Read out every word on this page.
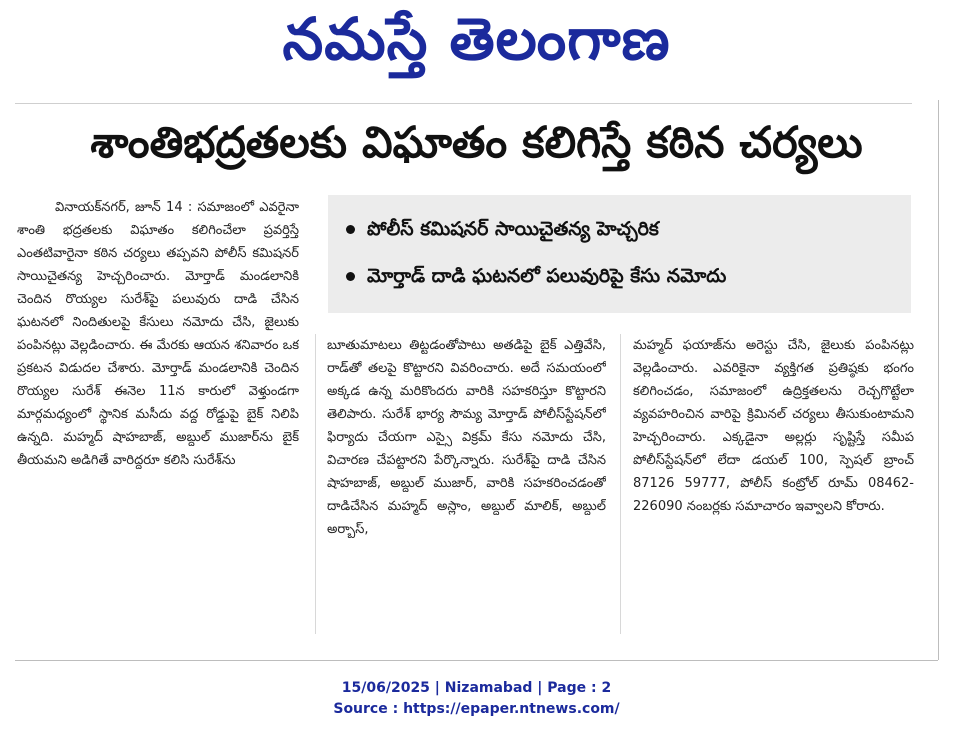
నమస్తే తెలంగాణ
శాంతిభద్రతలకు విఘాతం కలిగిస్తే కఠిన చర్యలు
పోలీస్ కమిషనర్ సాయిచైతన్య హెచ్చరిక
మోర్తాడ్ దాడి ఘటనలో పలువురిపై కేసు నమోదు

వినాయక్‌నగర్, జూన్ 14 : సమాజంలో ఎవరైనా శాంతి భద్రతలకు విఘాతం కలిగించేలా ప్రవర్తిస్తే ఎంతటివారైనా కఠిన చర్యలు తప్పవని పోలీస్ కమిషనర్ సాయిచైతన్య హెచ్చరించారు. మోర్తాడ్ మండలానికి చెందిన రొయ్యల సురేశ్‌పై పలువురు దాడి చేసిన ఘటనలో నిందితులపై కేసులు నమోదు చేసి, జైలుకు పంపినట్లు వెల్లడించారు. ఈ మేరకు ఆయన శనివారం ఒక ప్రకటన విడుదల చేశారు. మోర్తాడ్ మండలానికి చెందిన రొయ్యల సురేశ్ ఈనెల 11న కారులో వెళ్తుండగా మార్గమధ్యంలో స్థానిక మసీదు వద్ద రోడ్డుపై బైక్ నిలిపి ఉన్నది. మహ్మద్ షాహబాజ్, అబ్దుల్ ముజార్‌ను బైక్ తీయమని అడిగితే వారిద్దరూ కలిసి సురేశ్‌ను

బూతుమాటలు తిట్టడంతోపాటు అతడిపై బైక్ ఎత్తివేసి, రాడ్‌తో తలపై కొట్టారని వివరించారు. అదే సమయంలో అక్కడ ఉన్న మరికొందరు వారికి సహకరిస్తూ కొట్టారని తెలిపారు. సురేశ్ భార్య సౌమ్య మోర్తాడ్ పోలీస్‌స్టేషన్‌లో ఫిర్యాదు చేయగా ఎస్సై విక్రమ్ కేసు నమోదు చేసి, విచారణ చేపట్టారని పేర్కొన్నారు. సురేశ్‌పై దాడి చేసిన షాహబాజ్, అబ్దుల్ ముజార్, వారికి సహకరించడంతో దాడిచేసిన మహ్మద్ అస్లాం, అబ్దుల్ మాలిక్, అబ్దుల్ అర్బాస్,

మహ్మద్ ఫయాజ్‌ను అరెస్టు చేసి, జైలుకు పంపినట్లు వెల్లడించారు. ఎవరికైనా వ్యక్తిగత ప్రతిష్ఠకు భంగం కలిగించడం, సమాజంలో ఉద్రిక్తతలను రెచ్చగొట్టేలా వ్యవహరించిన వారిపై క్రిమినల్ చర్యలు తీసుకుంటామని హెచ్చరించారు. ఎక్కడైనా అల్లర్లు సృష్టిస్తే సమీప పోలీస్‌స్టేషన్‌లో లేదా డయల్ 100, స్పెషల్ బ్రాంచ్ 87126 59777, పోలీస్ కంట్రోల్ రూమ్ 08462-226090 నంబర్లకు సమాచారం ఇవ్వాలని కోరారు.

15/06/2025 | Nizamabad | Page : 2
Source : https://epaper.ntnews.com/
